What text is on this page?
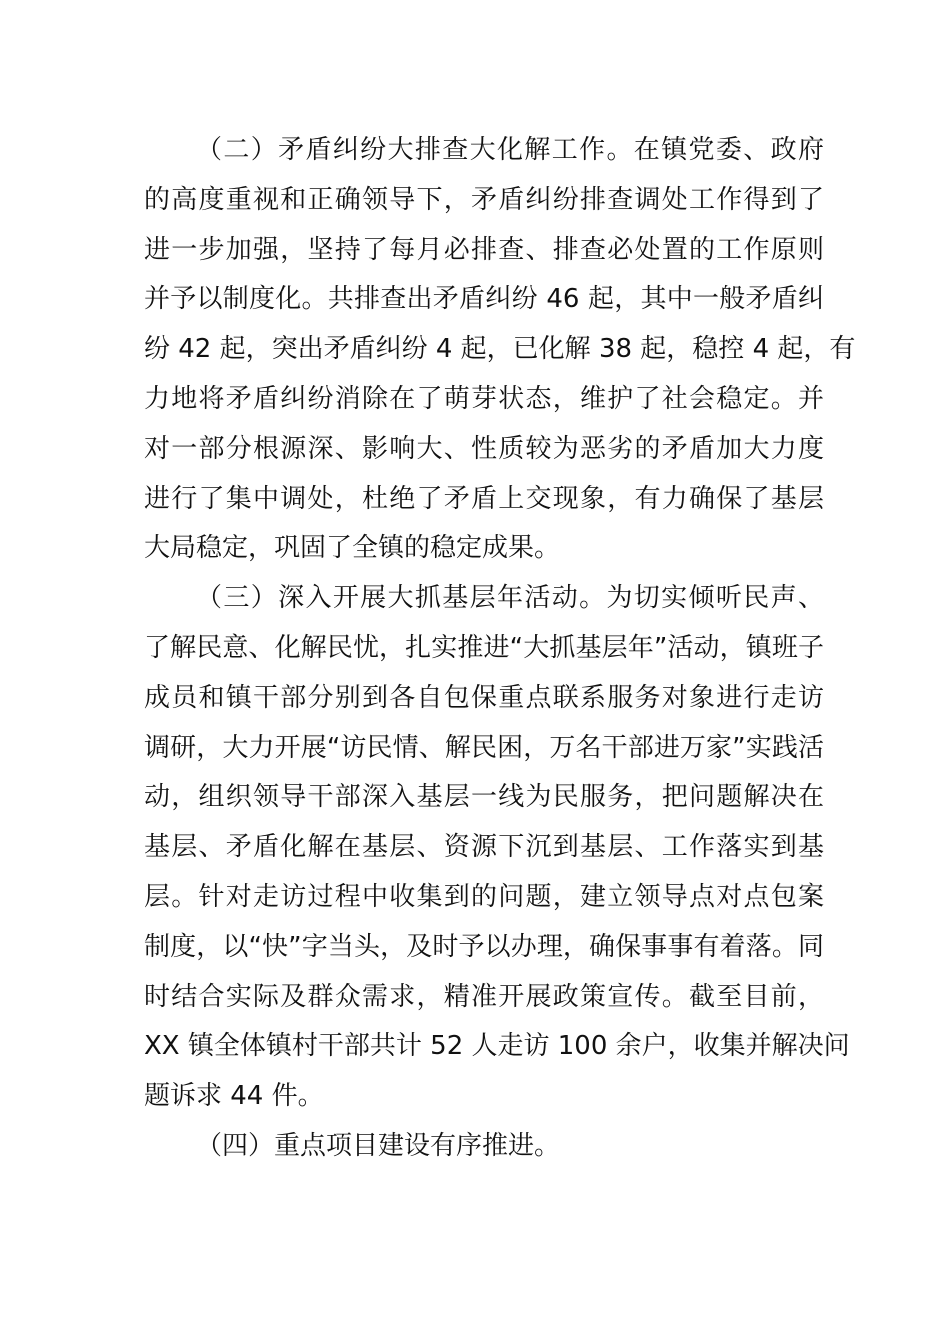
（二）矛盾纠纷大排查大化解工作。在镇党委、政府
的高度重视和正确领导下，矛盾纠纷排查调处工作得到了
进一步加强，坚持了每月必排查、排查必处置的工作原则
并予以制度化。共排查出矛盾纠纷 46 起，其中一般矛盾纠
纷 42 起，突出矛盾纠纷 4 起，已化解 38 起，稳控 4 起，有
力地将矛盾纠纷消除在了萌芽状态，维护了社会稳定。并
对一部分根源深、影响大、性质较为恶劣的矛盾加大力度
进行了集中调处，杜绝了矛盾上交现象，有力确保了基层
大局稳定，巩固了全镇的稳定成果。
（三）深入开展大抓基层年活动。为切实倾听民声、
了解民意、化解民忧，扎实推进“大抓基层年”活动，镇班子
成员和镇干部分别到各自包保重点联系服务对象进行走访
调研，大力开展“访民情、解民困，万名干部进万家”实践活
动，组织领导干部深入基层一线为民服务，把问题解决在
基层、矛盾化解在基层、资源下沉到基层、工作落实到基
层。针对走访过程中收集到的问题，建立领导点对点包案
制度，以“快”字当头，及时予以办理，确保事事有着落。同
时结合实际及群众需求，精准开展政策宣传。截至目前，
XX 镇全体镇村干部共计 52 人走访 100 余户，收集并解决问
题诉求 44 件。
（四）重点项目建设有序推进。
